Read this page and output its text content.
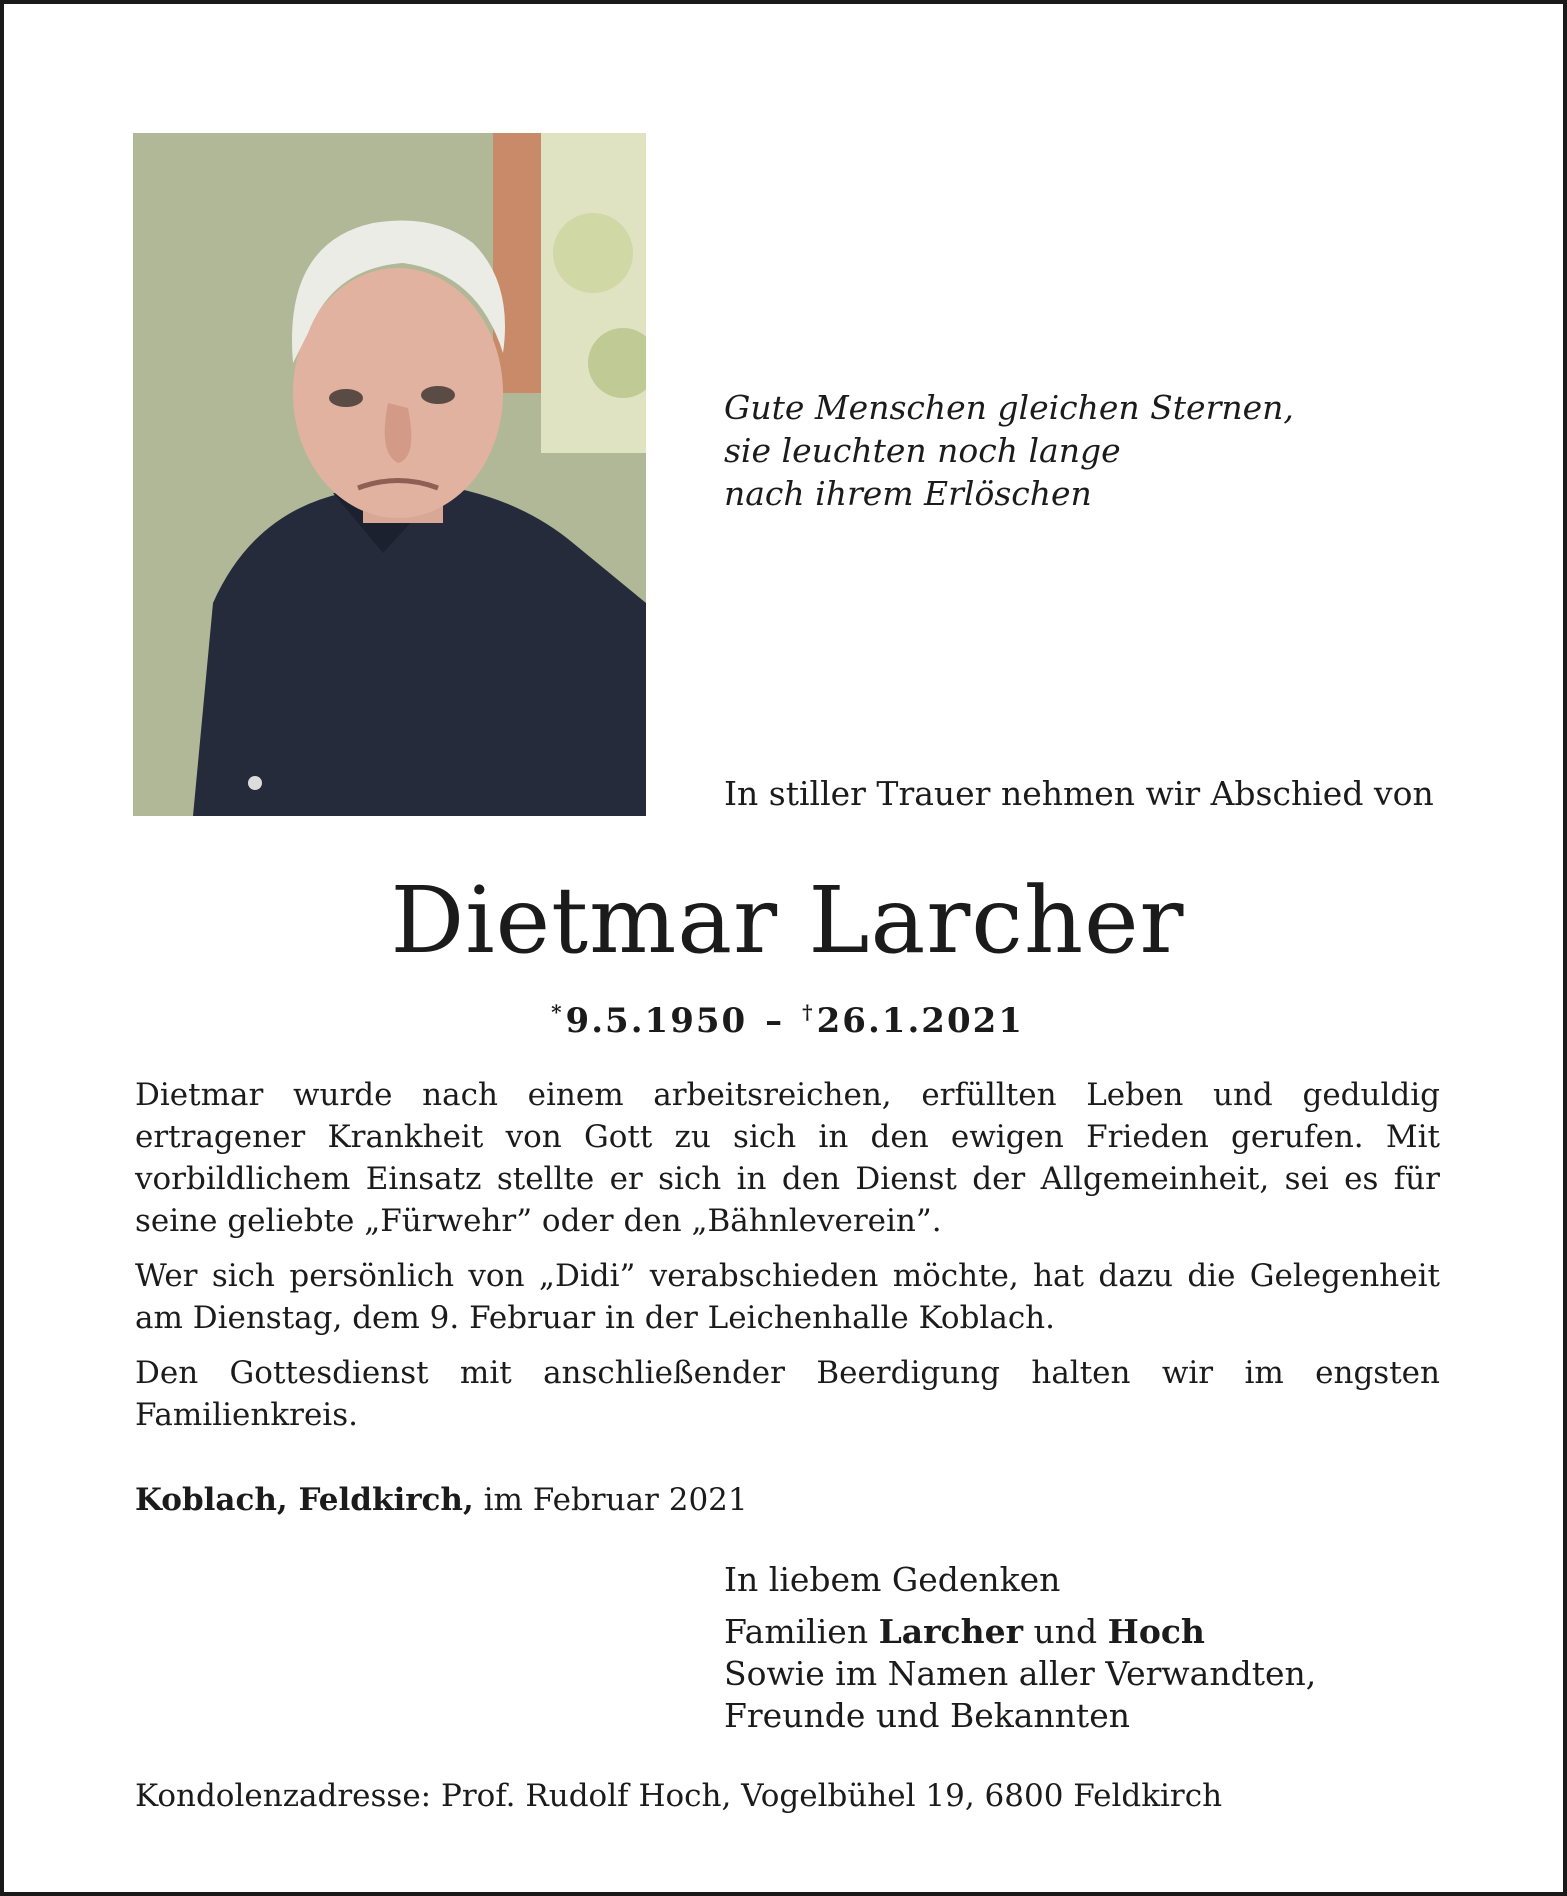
Gute Menschen gleichen Sternen,
sie leuchten noch lange
nach ihrem Erlöschen
In stiller Trauer nehmen wir Abschied von
Dietmar Larcher
* 9.5.1950 – † 26.1.2021

Dietmar wurde nach einem arbeitsreichen, erfüllten Leben und geduldig ertragener Krankheit von Gott zu sich in den ewigen Frieden gerufen. Mit vorbildlichem Einsatz stellte er sich in den Dienst der Allgemeinheit, sei es für seine geliebte „Fürwehr” oder den „Bähnleverein”.

Wer sich persönlich von „Didi” verabschieden möchte, hat dazu die Gelegenheit am Dienstag, dem 9. Februar in der Leichenhalle Koblach.

Den Gottesdienst mit anschließender Beerdigung halten wir im engsten Familienkreis.

Koblach, Feldkirch, im Februar 2021
In liebem Gedenken
Familien Larcher und Hoch
Sowie im Namen aller Verwandten,
Freunde und Bekannten
Kondolenzadresse: Prof. Rudolf Hoch, Vogelbühel 19, 6800 Feldkirch
